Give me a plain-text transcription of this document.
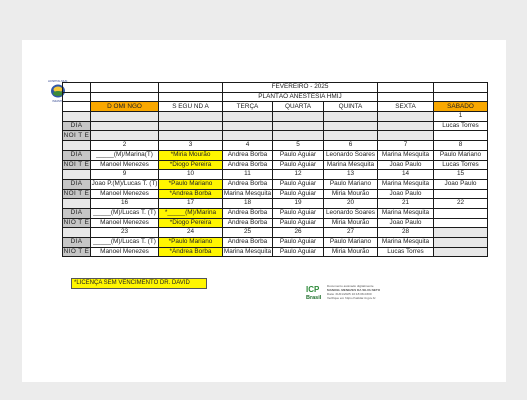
HOSPITAL MUN.
INFANTIL
			FEVEREIRO - 2025				
			PLANTÃO ANESTESIA HMIJ				
	D OMI NGO	S EGU ND A	TERÇA	QUARTA	QUINTA	SEXTA	SABADO
							1
DIA							Lucas Torres
NOI T E							
	2	3	4	5	6	7	8
DIA	_____(M)/Marina(T)	*Miria Mourão	Andrea Borba	Paulo Aguiar	Leonardo Soares	Marina Mesquita	Paulo Mariano
NOI T E	Manoel Menezes	*Diogo Pereira	Andrea Borba	Paulo Aguiar	Marina Mesquita	Joao Paulo	Lucas Torres
	9	10	11	12	13	14	15
DIA	Joao P.(M)/Lucas T. (T)	*Paulo Mariano	Andrea Borba	Paulo Aguiar	Paulo Mariano	Marina Mesquita	Joao Paulo
NOI T E	Manoel Menezes	*Andrea Borba	Marina Mesquita	Paulo Aguiar	Miria Mourão	Joao Paulo	
	16	17	18	19	20	21	22
DIA	_____(M)/Lucas T. (T)	*_____(M)/Marina	Andrea Borba	Paulo Aguiar	Leonardo Soares	Marina Mesquita	
NIO T E	Manoel Menezes	*Diogo Pereira	Andrea Borba	Paulo Aguiar	Miria Mourão	Joao Paulo	
	23	24	25	26	27	28	
DIA	_____(M)/Lucas T. (T)	*Paulo Mariano	Andrea Borba	Paulo Aguiar	Paulo Mariano	Marina Mesquita	
NIO T E	Manoel Menezes	*Andrea Borba	Marina Mesquita	Paulo Aguiar	Miria Mourão	Lucas Torres	
*LICENÇA SEM VENCIMENTO DR. DAVID
ICP
Brasil
Documento assinado digitalmente
MANOEL MENEZES DA SILVA NETO
Data: 31/01/2025 10:18:08-0300
Verifique em https://validar.iti.gov.br
